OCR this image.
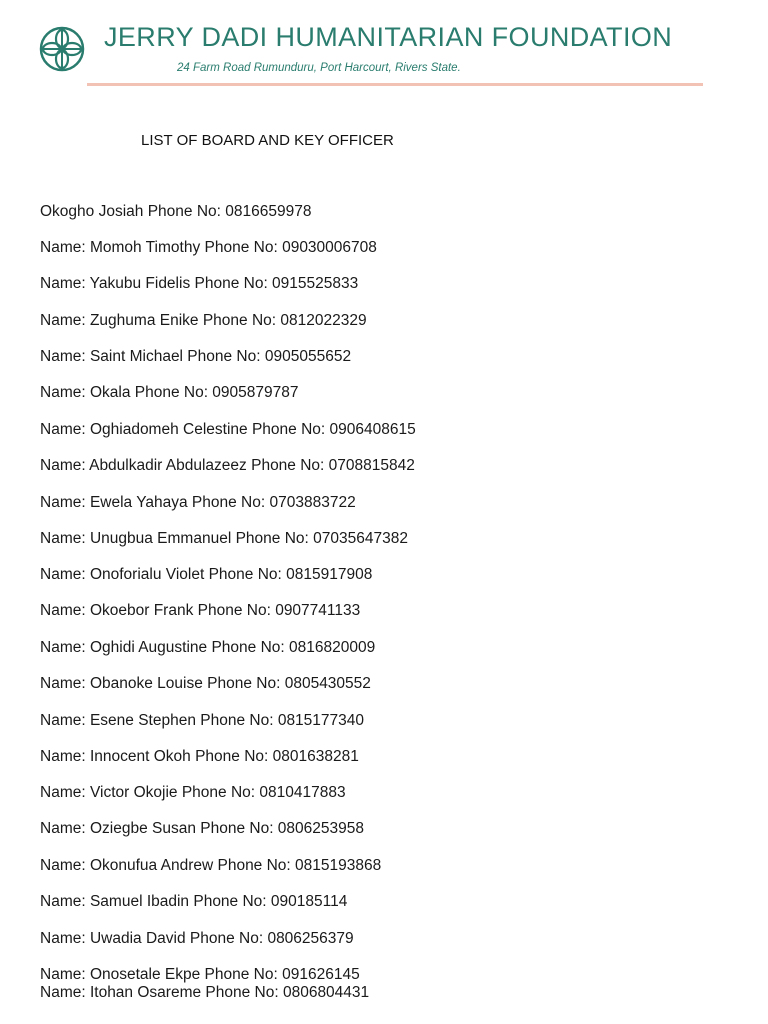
JERRY DADI HUMANITARIAN FOUNDATION
24 Farm Road Rumunduru, Port Harcourt, Rivers State.
LIST OF BOARD AND KEY OFFICER
Okogho Josiah Phone No: 0816659978
Name: Momoh Timothy Phone No: 09030006708
Name: Yakubu Fidelis Phone No: 0915525833
Name: Zughuma Enike Phone No: 0812022329
Name: Saint Michael Phone No: 0905055652
Name: Okala Phone No: 0905879787
Name: Oghiadomeh Celestine Phone No: 0906408615
Name: Abdulkadir Abdulazeez Phone No: 0708815842
Name: Ewela Yahaya Phone No: 0703883722
Name: Unugbua Emmanuel Phone No: 07035647382
Name: Onoforialu Violet Phone No: 0815917908
Name: Okoebor Frank Phone No: 0907741133
Name: Oghidi Augustine Phone No: 0816820009
Name: Obanoke Louise Phone No: 0805430552
Name: Esene Stephen Phone No: 0815177340
Name: Innocent Okoh Phone No: 0801638281
Name: Victor Okojie Phone No: 0810417883
Name: Oziegbe Susan Phone No: 0806253958
Name: Okonufua Andrew Phone No: 0815193868
Name: Samuel Ibadin Phone No: 090185114
Name: Uwadia David Phone No: 0806256379
Name: Onosetale Ekpe Phone No: 091626145
Name: Itohan Osareme Phone No: 0806804431
